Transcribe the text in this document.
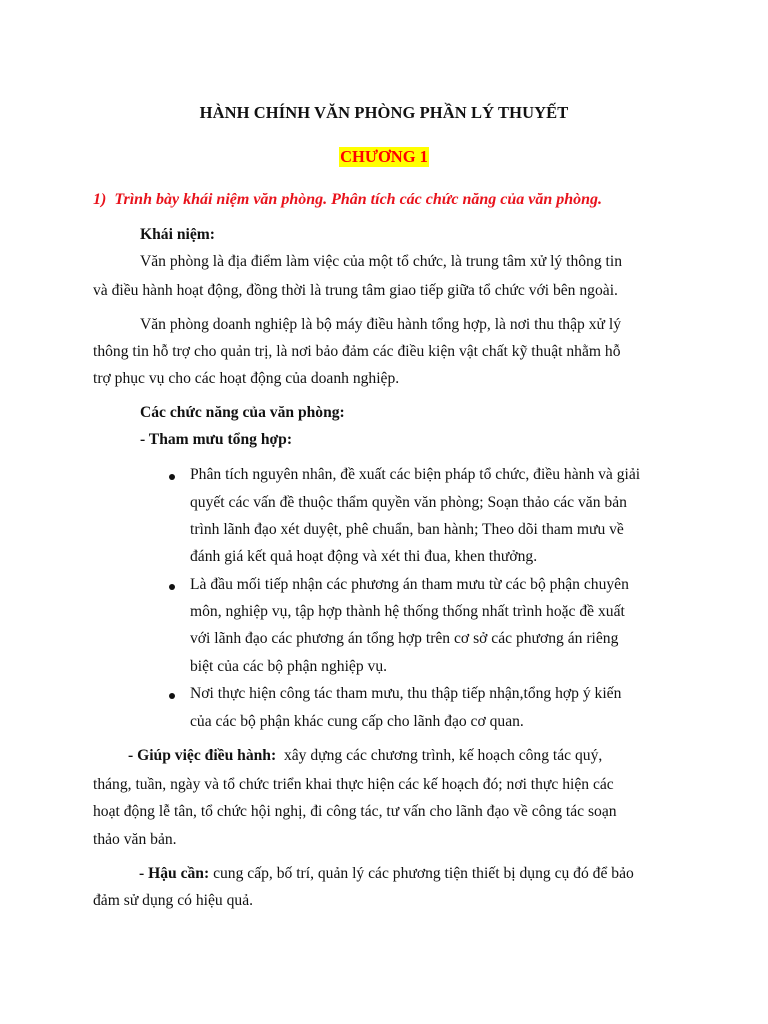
HÀNH CHÍNH VĂN PHÒNG PHẦN LÝ THUYẾT
CHƯƠNG 1
1) Trình bày khái niệm văn phòng. Phân tích các chức năng của văn phòng.
Khái niệm:
Văn phòng là địa điểm làm việc của một tổ chức, là trung tâm xử lý thông tin
và điều hành hoạt động, đồng thời là trung tâm giao tiếp giữa tổ chức với bên ngoài.
Văn phòng doanh nghiệp là bộ máy điều hành tổng hợp, là nơi thu thập xử lý
thông tin hỗ trợ cho quản trị, là nơi bảo đảm các điều kiện vật chất kỹ thuật nhằm hỗ
trợ phục vụ cho các hoạt động của doanh nghiệp.
Các chức năng của văn phòng:
- Tham mưu tổng hợp:
Phân tích nguyên nhân, đề xuất các biện pháp tổ chức, điều hành và giải
quyết các vấn đề thuộc thẩm quyền văn phòng; Soạn thảo các văn bản
trình lãnh đạo xét duyệt, phê chuẩn, ban hành; Theo dõi tham mưu về
đánh giá kết quả hoạt động và xét thi đua, khen thưởng.
Là đầu mối tiếp nhận các phương án tham mưu từ các bộ phận chuyên
môn, nghiệp vụ, tập hợp thành hệ thống thống nhất trình hoặc đề xuất
với lãnh đạo các phương án tổng hợp trên cơ sở các phương án riêng
biệt của các bộ phận nghiệp vụ.
Nơi thực hiện công tác tham mưu, thu thập tiếp nhận,tổng hợp ý kiến
của các bộ phận khác cung cấp cho lãnh đạo cơ quan.
- Giúp việc điều hành: xây dựng các chương trình, kế hoạch công tác quý,
tháng, tuần, ngày và tổ chức triển khai thực hiện các kế hoạch đó; nơi thực hiện các
hoạt động lễ tân, tổ chức hội nghị, đi công tác, tư vấn cho lãnh đạo về công tác soạn
thảo văn bản.
- Hậu cần: cung cấp, bố trí, quản lý các phương tiện thiết bị dụng cụ đó để bảo
đảm sử dụng có hiệu quả.
